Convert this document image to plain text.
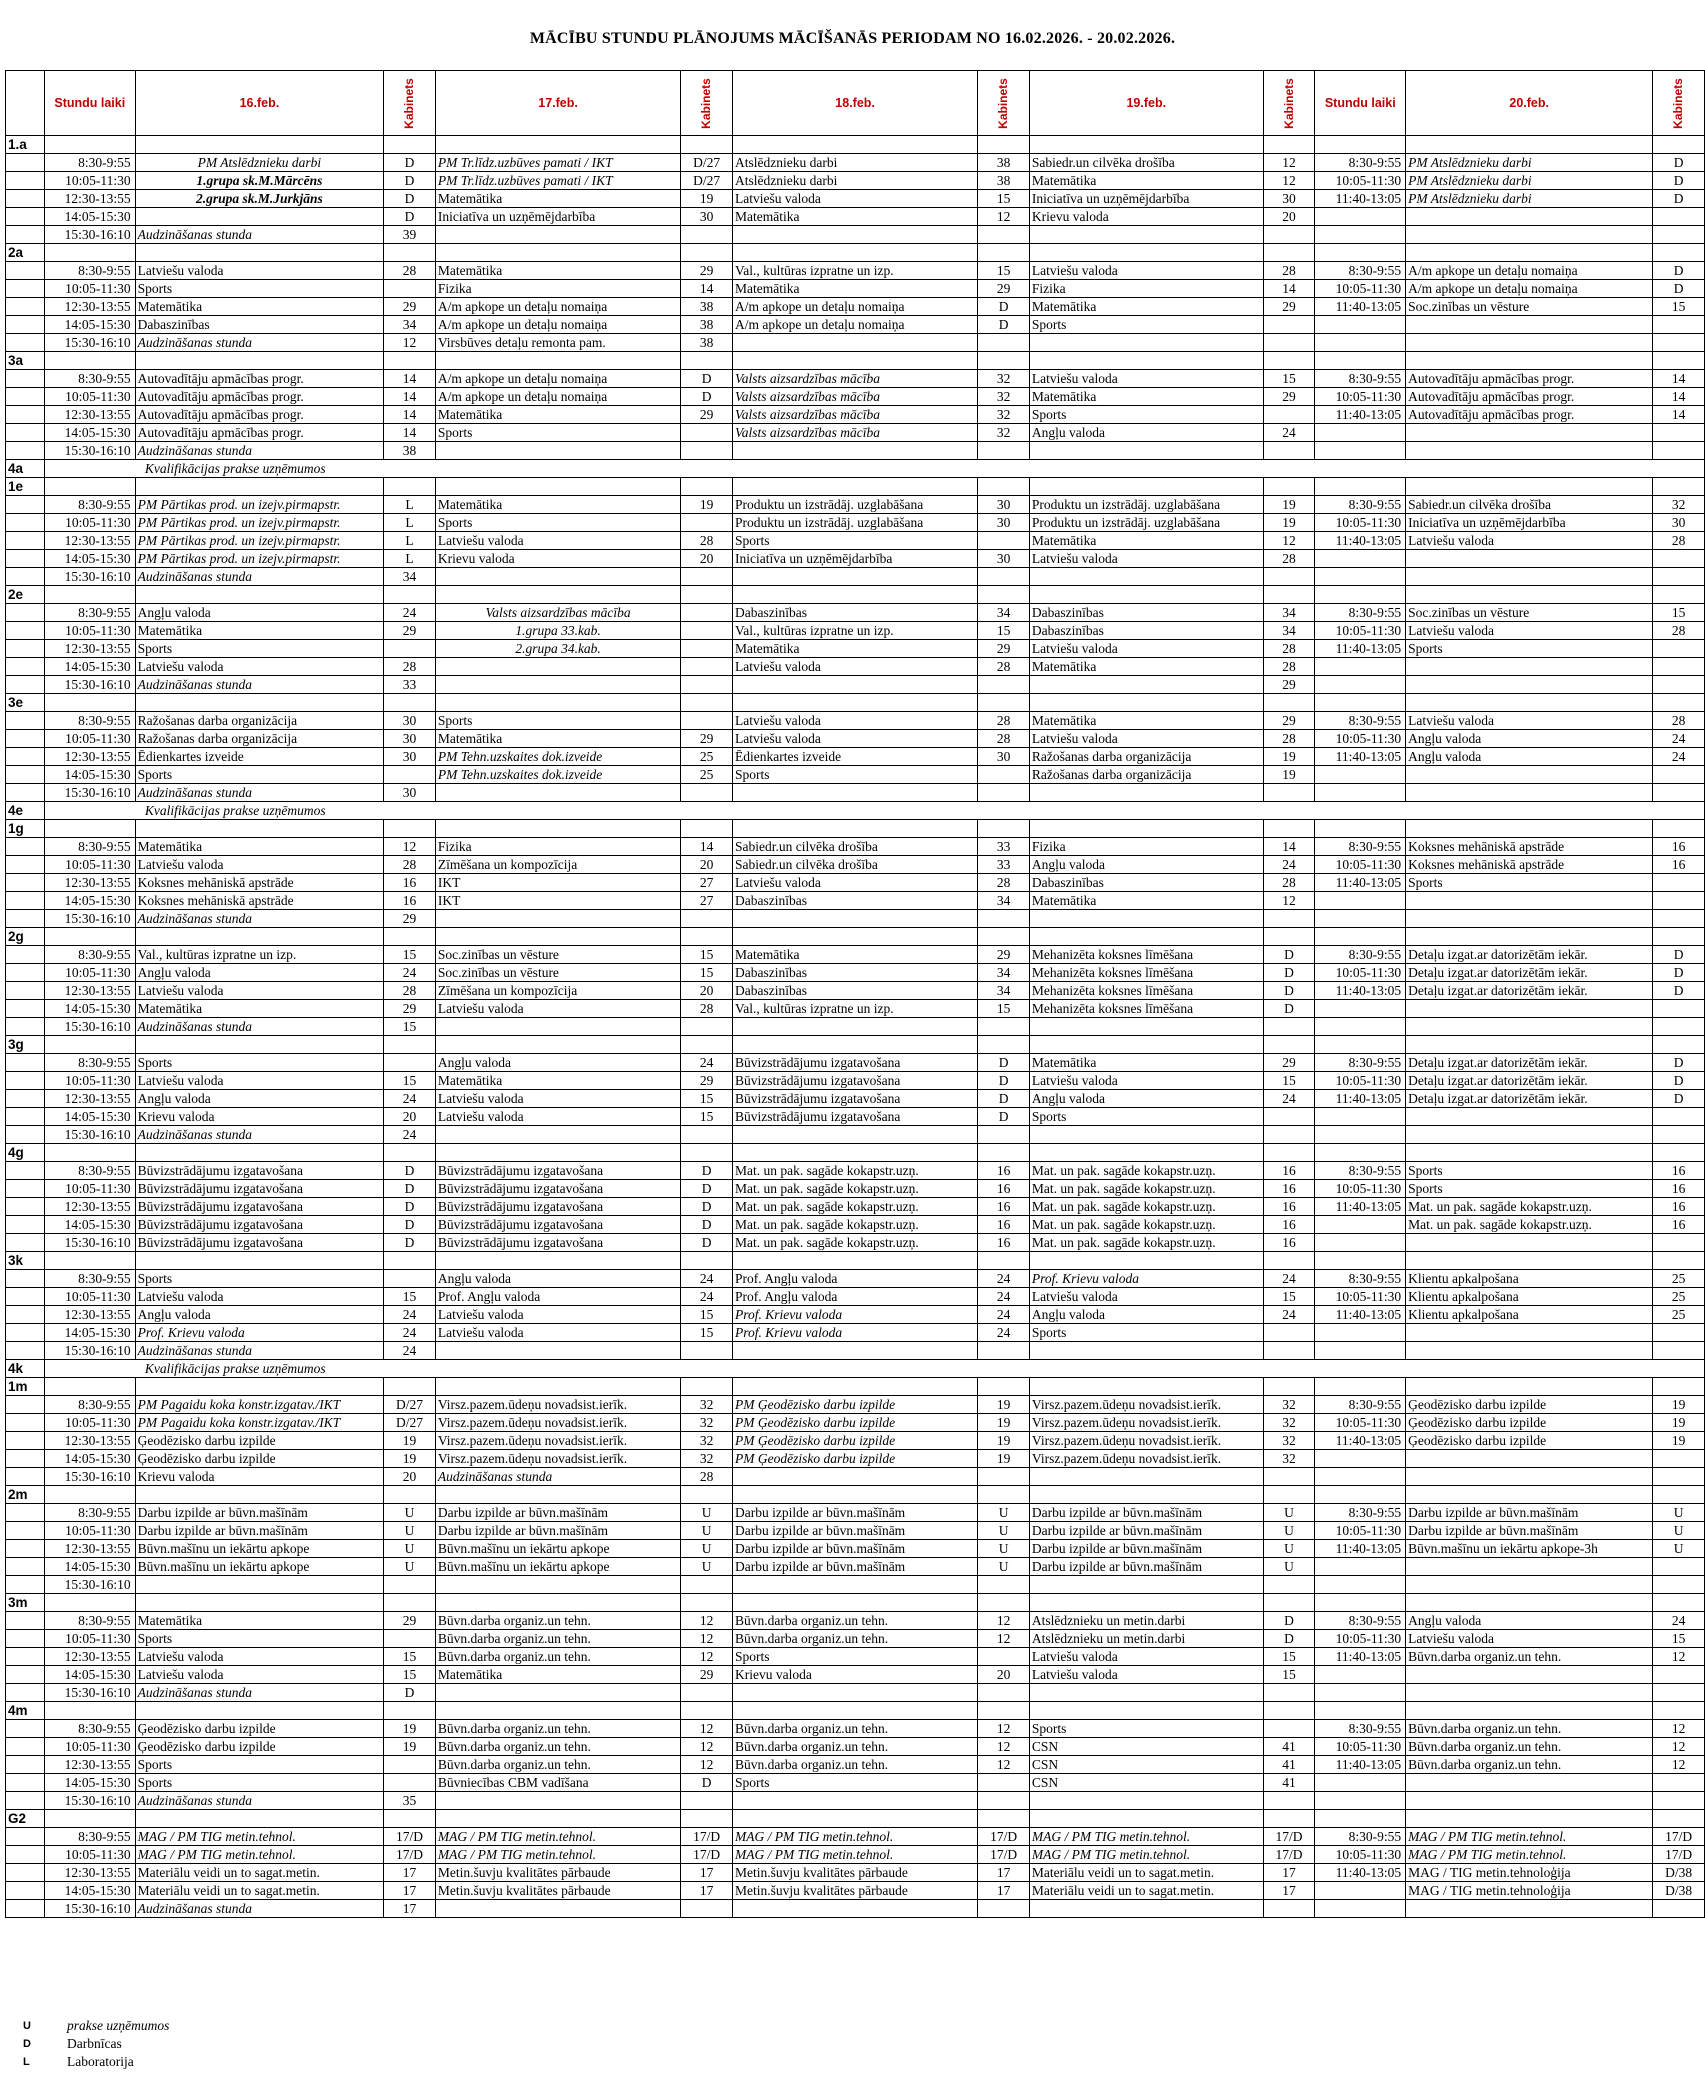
MĀCĪBU STUNDU PLĀNOJUMS MĀCĪŠANĀS PERIODAM NO 16.02.2026. - 20.02.2026.
	Stundu laiki	16.feb.	Kabinets	17.feb.	Kabinets	18.feb.	Kabinets	19.feb.	Kabinets	Stundu laiki	20.feb.	Kabinets
1.a												
	8:30-9:55	PM Atslēdznieku darbi	D	PM Tr.līdz.uzbūves pamati / IKT	D/27	Atslēdznieku darbi	38	Sabiedr.un cilvēka drošība	12	8:30-9:55	PM Atslēdznieku darbi	D
	10:05-11:30	1.grupa sk.M.Mārcēns	D	PM Tr.līdz.uzbūves pamati / IKT	D/27	Atslēdznieku darbi	38	Matemātika	12	10:05-11:30	PM Atslēdznieku darbi	D
	12:30-13:55	2.grupa sk.M.Jurkjāns	D	Matemātika	19	Latviešu valoda	15	Iniciatīva un uzņēmējdarbība	30	11:40-13:05	PM Atslēdznieku darbi	D
	14:05-15:30		D	Iniciatīva un uzņēmējdarbība	30	Matemātika	12	Krievu valoda	20			
	15:30-16:10	Audzināšanas stunda	39									
2a												
	8:30-9:55	Latviešu valoda	28	Matemātika	29	Val., kultūras izpratne un izp.	15	Latviešu valoda	28	8:30-9:55	A/m apkope un detaļu nomaiņa	D
	10:05-11:30	Sports		Fizika	14	Matemātika	29	Fizika	14	10:05-11:30	A/m apkope un detaļu nomaiņa	D
	12:30-13:55	Matemātika	29	A/m apkope un detaļu nomaiņa	38	A/m apkope un detaļu nomaiņa	D	Matemātika	29	11:40-13:05	Soc.zinības un vēsture	15
	14:05-15:30	Dabaszinības	34	A/m apkope un detaļu nomaiņa	38	A/m apkope un detaļu nomaiņa	D	Sports				
	15:30-16:10	Audzināšanas stunda	12	Virsbūves detaļu remonta pam.	38							
3a												
	8:30-9:55	Autovadītāju apmācības progr.	14	A/m apkope un detaļu nomaiņa	D	Valsts aizsardzības mācība	32	Latviešu valoda	15	8:30-9:55	Autovadītāju apmācības progr.	14
	10:05-11:30	Autovadītāju apmācības progr.	14	A/m apkope un detaļu nomaiņa	D	Valsts aizsardzības mācība	32	Matemātika	29	10:05-11:30	Autovadītāju apmācības progr.	14
	12:30-13:55	Autovadītāju apmācības progr.	14	Matemātika	29	Valsts aizsardzības mācība	32	Sports		11:40-13:05	Autovadītāju apmācības progr.	14
	14:05-15:30	Autovadītāju apmācības progr.	14	Sports		Valsts aizsardzības mācība	32	Angļu valoda	24			
	15:30-16:10	Audzināšanas stunda	38									
4a	Kvalifikācijas prakse uzņēmumos											
1e												
	8:30-9:55	PM Pārtikas prod. un izejv.pirmapstr.	L	Matemātika	19	Produktu un izstrādāj. uzglabāšana	30	Produktu un izstrādāj. uzglabāšana	19	8:30-9:55	Sabiedr.un cilvēka drošība	32
	10:05-11:30	PM Pārtikas prod. un izejv.pirmapstr.	L	Sports		Produktu un izstrādāj. uzglabāšana	30	Produktu un izstrādāj. uzglabāšana	19	10:05-11:30	Iniciatīva un uzņēmējdarbība	30
	12:30-13:55	PM Pārtikas prod. un izejv.pirmapstr.	L	Latviešu valoda	28	Sports		Matemātika	12	11:40-13:05	Latviešu valoda	28
	14:05-15:30	PM Pārtikas prod. un izejv.pirmapstr.	L	Krievu valoda	20	Iniciatīva un uzņēmējdarbība	30	Latviešu valoda	28			
	15:30-16:10	Audzināšanas stunda	34									
2e												
	8:30-9:55	Angļu valoda	24	Valsts aizsardzības mācība		Dabaszinības	34	Dabaszinības	34	8:30-9:55	Soc.zinības un vēsture	15
	10:05-11:30	Matemātika	29	1.grupa 33.kab.		Val., kultūras izpratne un izp.	15	Dabaszinības	34	10:05-11:30	Latviešu valoda	28
	12:30-13:55	Sports		2.grupa 34.kab.		Matemātika	29	Latviešu valoda	28	11:40-13:05	Sports	
	14:05-15:30	Latviešu valoda	28			Latviešu valoda	28	Matemātika	28			
	15:30-16:10	Audzināšanas stunda	33						29			
3e												
	8:30-9:55	Ražošanas darba organizācija	30	Sports		Latviešu valoda	28	Matemātika	29	8:30-9:55	Latviešu valoda	28
	10:05-11:30	Ražošanas darba organizācija	30	Matemātika	29	Latviešu valoda	28	Latviešu valoda	28	10:05-11:30	Angļu valoda	24
	12:30-13:55	Ēdienkartes izveide	30	PM Tehn.uzskaites dok.izveide	25	Ēdienkartes izveide	30	Ražošanas darba organizācija	19	11:40-13:05	Angļu valoda	24
	14:05-15:30	Sports		PM Tehn.uzskaites dok.izveide	25	Sports		Ražošanas darba organizācija	19			
	15:30-16:10	Audzināšanas stunda	30									
4e	Kvalifikācijas prakse uzņēmumos											
1g												
	8:30-9:55	Matemātika	12	Fizika	14	Sabiedr.un cilvēka drošība	33	Fizika	14	8:30-9:55	Koksnes mehāniskā apstrāde	16
	10:05-11:30	Latviešu valoda	28	Zīmēšana un kompozīcija	20	Sabiedr.un cilvēka drošība	33	Angļu valoda	24	10:05-11:30	Koksnes mehāniskā apstrāde	16
	12:30-13:55	Koksnes mehāniskā apstrāde	16	IKT	27	Latviešu valoda	28	Dabaszinības	28	11:40-13:05	Sports	
	14:05-15:30	Koksnes mehāniskā apstrāde	16	IKT	27	Dabaszinības	34	Matemātika	12			
	15:30-16:10	Audzināšanas stunda	29									
2g												
	8:30-9:55	Val., kultūras izpratne un izp.	15	Soc.zinības un vēsture	15	Matemātika	29	Mehanizēta koksnes līmēšana	D	8:30-9:55	Detaļu izgat.ar datorizētām iekār.	D
	10:05-11:30	Angļu valoda	24	Soc.zinības un vēsture	15	Dabaszinības	34	Mehanizēta koksnes līmēšana	D	10:05-11:30	Detaļu izgat.ar datorizētām iekār.	D
	12:30-13:55	Latviešu valoda	28	Zīmēšana un kompozīcija	20	Dabaszinības	34	Mehanizēta koksnes līmēšana	D	11:40-13:05	Detaļu izgat.ar datorizētām iekār.	D
	14:05-15:30	Matemātika	29	Latviešu valoda	28	Val., kultūras izpratne un izp.	15	Mehanizēta koksnes līmēšana	D			
	15:30-16:10	Audzināšanas stunda	15									
3g												
	8:30-9:55	Sports		Angļu valoda	24	Būvizstrādājumu izgatavošana	D	Matemātika	29	8:30-9:55	Detaļu izgat.ar datorizētām iekār.	D
	10:05-11:30	Latviešu valoda	15	Matemātika	29	Būvizstrādājumu izgatavošana	D	Latviešu valoda	15	10:05-11:30	Detaļu izgat.ar datorizētām iekār.	D
	12:30-13:55	Angļu valoda	24	Latviešu valoda	15	Būvizstrādājumu izgatavošana	D	Angļu valoda	24	11:40-13:05	Detaļu izgat.ar datorizētām iekār.	D
	14:05-15:30	Krievu valoda	20	Latviešu valoda	15	Būvizstrādājumu izgatavošana	D	Sports				
	15:30-16:10	Audzināšanas stunda	24									
4g												
	8:30-9:55	Būvizstrādājumu izgatavošana	D	Būvizstrādājumu izgatavošana	D	Mat. un pak. sagāde kokapstr.uzņ.	16	Mat. un pak. sagāde kokapstr.uzņ.	16	8:30-9:55	Sports	16
	10:05-11:30	Būvizstrādājumu izgatavošana	D	Būvizstrādājumu izgatavošana	D	Mat. un pak. sagāde kokapstr.uzņ.	16	Mat. un pak. sagāde kokapstr.uzņ.	16	10:05-11:30	Sports	16
	12:30-13:55	Būvizstrādājumu izgatavošana	D	Būvizstrādājumu izgatavošana	D	Mat. un pak. sagāde kokapstr.uzņ.	16	Mat. un pak. sagāde kokapstr.uzņ.	16	11:40-13:05	Mat. un pak. sagāde kokapstr.uzņ.	16
	14:05-15:30	Būvizstrādājumu izgatavošana	D	Būvizstrādājumu izgatavošana	D	Mat. un pak. sagāde kokapstr.uzņ.	16	Mat. un pak. sagāde kokapstr.uzņ.	16		Mat. un pak. sagāde kokapstr.uzņ.	16
	15:30-16:10	Būvizstrādājumu izgatavošana	D	Būvizstrādājumu izgatavošana	D	Mat. un pak. sagāde kokapstr.uzņ.	16	Mat. un pak. sagāde kokapstr.uzņ.	16			
3k												
	8:30-9:55	Sports		Angļu valoda	24	Prof. Angļu valoda	24	Prof. Krievu valoda	24	8:30-9:55	Klientu apkalpošana	25
	10:05-11:30	Latviešu valoda	15	Prof. Angļu valoda	24	Prof. Angļu valoda	24	Latviešu valoda	15	10:05-11:30	Klientu apkalpošana	25
	12:30-13:55	Angļu valoda	24	Latviešu valoda	15	Prof. Krievu valoda	24	Angļu valoda	24	11:40-13:05	Klientu apkalpošana	25
	14:05-15:30	Prof. Krievu valoda	24	Latviešu valoda	15	Prof. Krievu valoda	24	Sports				
	15:30-16:10	Audzināšanas stunda	24									
4k	Kvalifikācijas prakse uzņēmumos											
1m												
	8:30-9:55	PM Pagaidu koka konstr.izgatav./IKT	D/27	Virsz.pazem.ūdeņu novadsist.ierīk.	32	PM Ģeodēzisko darbu izpilde	19	Virsz.pazem.ūdeņu novadsist.ierīk.	32	8:30-9:55	Ģeodēzisko darbu izpilde	19
	10:05-11:30	PM Pagaidu koka konstr.izgatav./IKT	D/27	Virsz.pazem.ūdeņu novadsist.ierīk.	32	PM Ģeodēzisko darbu izpilde	19	Virsz.pazem.ūdeņu novadsist.ierīk.	32	10:05-11:30	Ģeodēzisko darbu izpilde	19
	12:30-13:55	Ģeodēzisko darbu izpilde	19	Virsz.pazem.ūdeņu novadsist.ierīk.	32	PM Ģeodēzisko darbu izpilde	19	Virsz.pazem.ūdeņu novadsist.ierīk.	32	11:40-13:05	Ģeodēzisko darbu izpilde	19
	14:05-15:30	Ģeodēzisko darbu izpilde	19	Virsz.pazem.ūdeņu novadsist.ierīk.	32	PM Ģeodēzisko darbu izpilde	19	Virsz.pazem.ūdeņu novadsist.ierīk.	32			
	15:30-16:10	Krievu valoda	20	Audzināšanas stunda	28							
2m												
	8:30-9:55	Darbu izpilde ar būvn.mašīnām	U	Darbu izpilde ar būvn.mašīnām	U	Darbu izpilde ar būvn.mašīnām	U	Darbu izpilde ar būvn.mašīnām	U	8:30-9:55	Darbu izpilde ar būvn.mašīnām	U
	10:05-11:30	Darbu izpilde ar būvn.mašīnām	U	Darbu izpilde ar būvn.mašīnām	U	Darbu izpilde ar būvn.mašīnām	U	Darbu izpilde ar būvn.mašīnām	U	10:05-11:30	Darbu izpilde ar būvn.mašīnām	U
	12:30-13:55	Būvn.mašīnu un iekārtu apkope	U	Būvn.mašīnu un iekārtu apkope	U	Darbu izpilde ar būvn.mašīnām	U	Darbu izpilde ar būvn.mašīnām	U	11:40-13:05	Būvn.mašīnu un iekārtu apkope-3h	U
	14:05-15:30	Būvn.mašīnu un iekārtu apkope	U	Būvn.mašīnu un iekārtu apkope	U	Darbu izpilde ar būvn.mašīnām	U	Darbu izpilde ar būvn.mašīnām	U			
	15:30-16:10											
3m												
	8:30-9:55	Matemātika	29	Būvn.darba organiz.un tehn.	12	Būvn.darba organiz.un tehn.	12	Atslēdznieku un metin.darbi	D	8:30-9:55	Angļu valoda	24
	10:05-11:30	Sports		Būvn.darba organiz.un tehn.	12	Būvn.darba organiz.un tehn.	12	Atslēdznieku un metin.darbi	D	10:05-11:30	Latviešu valoda	15
	12:30-13:55	Latviešu valoda	15	Būvn.darba organiz.un tehn.	12	Sports		Latviešu valoda	15	11:40-13:05	Būvn.darba organiz.un tehn.	12
	14:05-15:30	Latviešu valoda	15	Matemātika	29	Krievu valoda	20	Latviešu valoda	15			
	15:30-16:10	Audzināšanas stunda	D									
4m												
	8:30-9:55	Ģeodēzisko darbu izpilde	19	Būvn.darba organiz.un tehn.	12	Būvn.darba organiz.un tehn.	12	Sports		8:30-9:55	Būvn.darba organiz.un tehn.	12
	10:05-11:30	Ģeodēzisko darbu izpilde	19	Būvn.darba organiz.un tehn.	12	Būvn.darba organiz.un tehn.	12	CSN	41	10:05-11:30	Būvn.darba organiz.un tehn.	12
	12:30-13:55	Sports		Būvn.darba organiz.un tehn.	12	Būvn.darba organiz.un tehn.	12	CSN	41	11:40-13:05	Būvn.darba organiz.un tehn.	12
	14:05-15:30	Sports		Būvniecības CBM vadīšana	D	Sports		CSN	41			
	15:30-16:10	Audzināšanas stunda	35									
G2												
	8:30-9:55	MAG / PM TIG metin.tehnol.	17/D	MAG / PM TIG metin.tehnol.	17/D	MAG / PM TIG metin.tehnol.	17/D	MAG / PM TIG metin.tehnol.	17/D	8:30-9:55	MAG / PM TIG metin.tehnol.	17/D
	10:05-11:30	MAG / PM TIG metin.tehnol.	17/D	MAG / PM TIG metin.tehnol.	17/D	MAG / PM TIG metin.tehnol.	17/D	MAG / PM TIG metin.tehnol.	17/D	10:05-11:30	MAG / PM TIG metin.tehnol.	17/D
	12:30-13:55	Materiālu veidi un to sagat.metin.	17	Metin.šuvju kvalitātes pārbaude	17	Metin.šuvju kvalitātes pārbaude	17	Materiālu veidi un to sagat.metin.	17	11:40-13:05	MAG / TIG metin.tehnoloģija	D/38
	14:05-15:30	Materiālu veidi un to sagat.metin.	17	Metin.šuvju kvalitātes pārbaude	17	Metin.šuvju kvalitātes pārbaude	17	Materiālu veidi un to sagat.metin.	17		MAG / TIG metin.tehnoloģija	D/38
	15:30-16:10	Audzināšanas stunda	17									
U	prakse uzņēmumos
D	Darbnīcas
L	Laboratorija
